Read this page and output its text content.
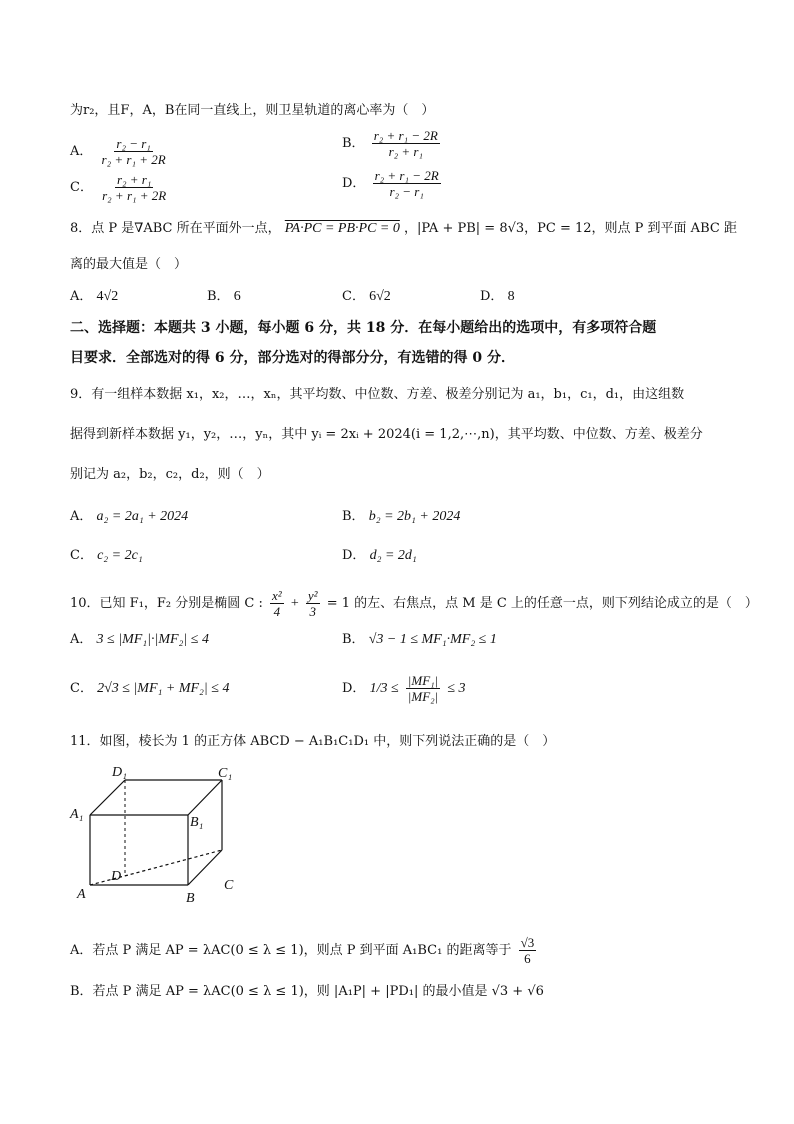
为r₂，且F，A，B在同一直线上，则卫星轨道的离心率为（　）
A． $\frac{\text{r₂ − r₁}}{\text{r₂ + r₁ + 2R}}$	B． $\frac{\text{r₂ + r₁ − 2R}}{\text{r₂ + r₁}}$
C． $\frac{\text{r₂ + r₁}}{\text{r₂ + r₁ + 2R}}$	D． $\frac{\text{r₂ + r₁ − 2R}}{\text{r₂ − r₁}}$
8．点 P 是∇ABC 所在平面外一点， PA·PC = PB·PC = 0 ，|PA + PB| = 8√3，PC = 12，则点 P 到平面 ABC 距
离的最大值是（　）
A． 4√2	B． 6	C． 6√2	D． 8
二、选择题：本题共 3 小题，每小题 6 分，共 18 分．在每小题给出的选项中，有多项符合题
目要求．全部选对的得 6 分，部分选对的得部分分，有选错的得 0 分．
9．有一组样本数据 x₁，x₂，…，xₙ，其平均数、中位数、方差、极差分别记为 a₁，b₁，c₁，d₁，由这组数
据得到新样本数据 y₁，y₂，…，yₙ，其中 yᵢ = 2xᵢ + 2024(i = 1,2,⋯,n)，其平均数、中位数、方差、极差分
别记为 a₂，b₂，c₂，d₂，则（　）
A． a₂ = 2a₁ + 2024	B． b₂ = 2b₁ + 2024
C． c₂ = 2c₁	D． d₂ = 2d₁
10．已知 F₁，F₂ 分别是椭圆 C : $\frac{\text{x²}}{4} + \frac{\text{y²}}{3} = 1$ 的左、右焦点，点 M 是 C 上的任意一点，则下列结论成立的是（　）
A． 3 ≤ |MF₁|·|MF₂| ≤ 4	B． √3 − 1 ≤ MF₁·MF₂ ≤ 1
C． 2√3 ≤ |MF₁ + MF₂| ≤ 4	D． $1/3 \le \frac{\text{|MF₁|}}{\text{|MF₂|}} \le 3$
11．如图，棱长为 1 的正方体 ABCD − A₁B₁C₁D₁ 中，则下列说法正确的是（　）
D₁	C₁
A₁
B₁
D
C
A	B
A．若点 P 满足 AP = λAC(0 ≤ λ ≤ 1)，则点 P 到平面 A₁BC₁ 的距离等于 $\frac{√3}{6}$
B．若点 P 满足 AP = λAC(0 ≤ λ ≤ 1)，则 |A₁P| + |PD₁| 的最小值是 √3 + √6
